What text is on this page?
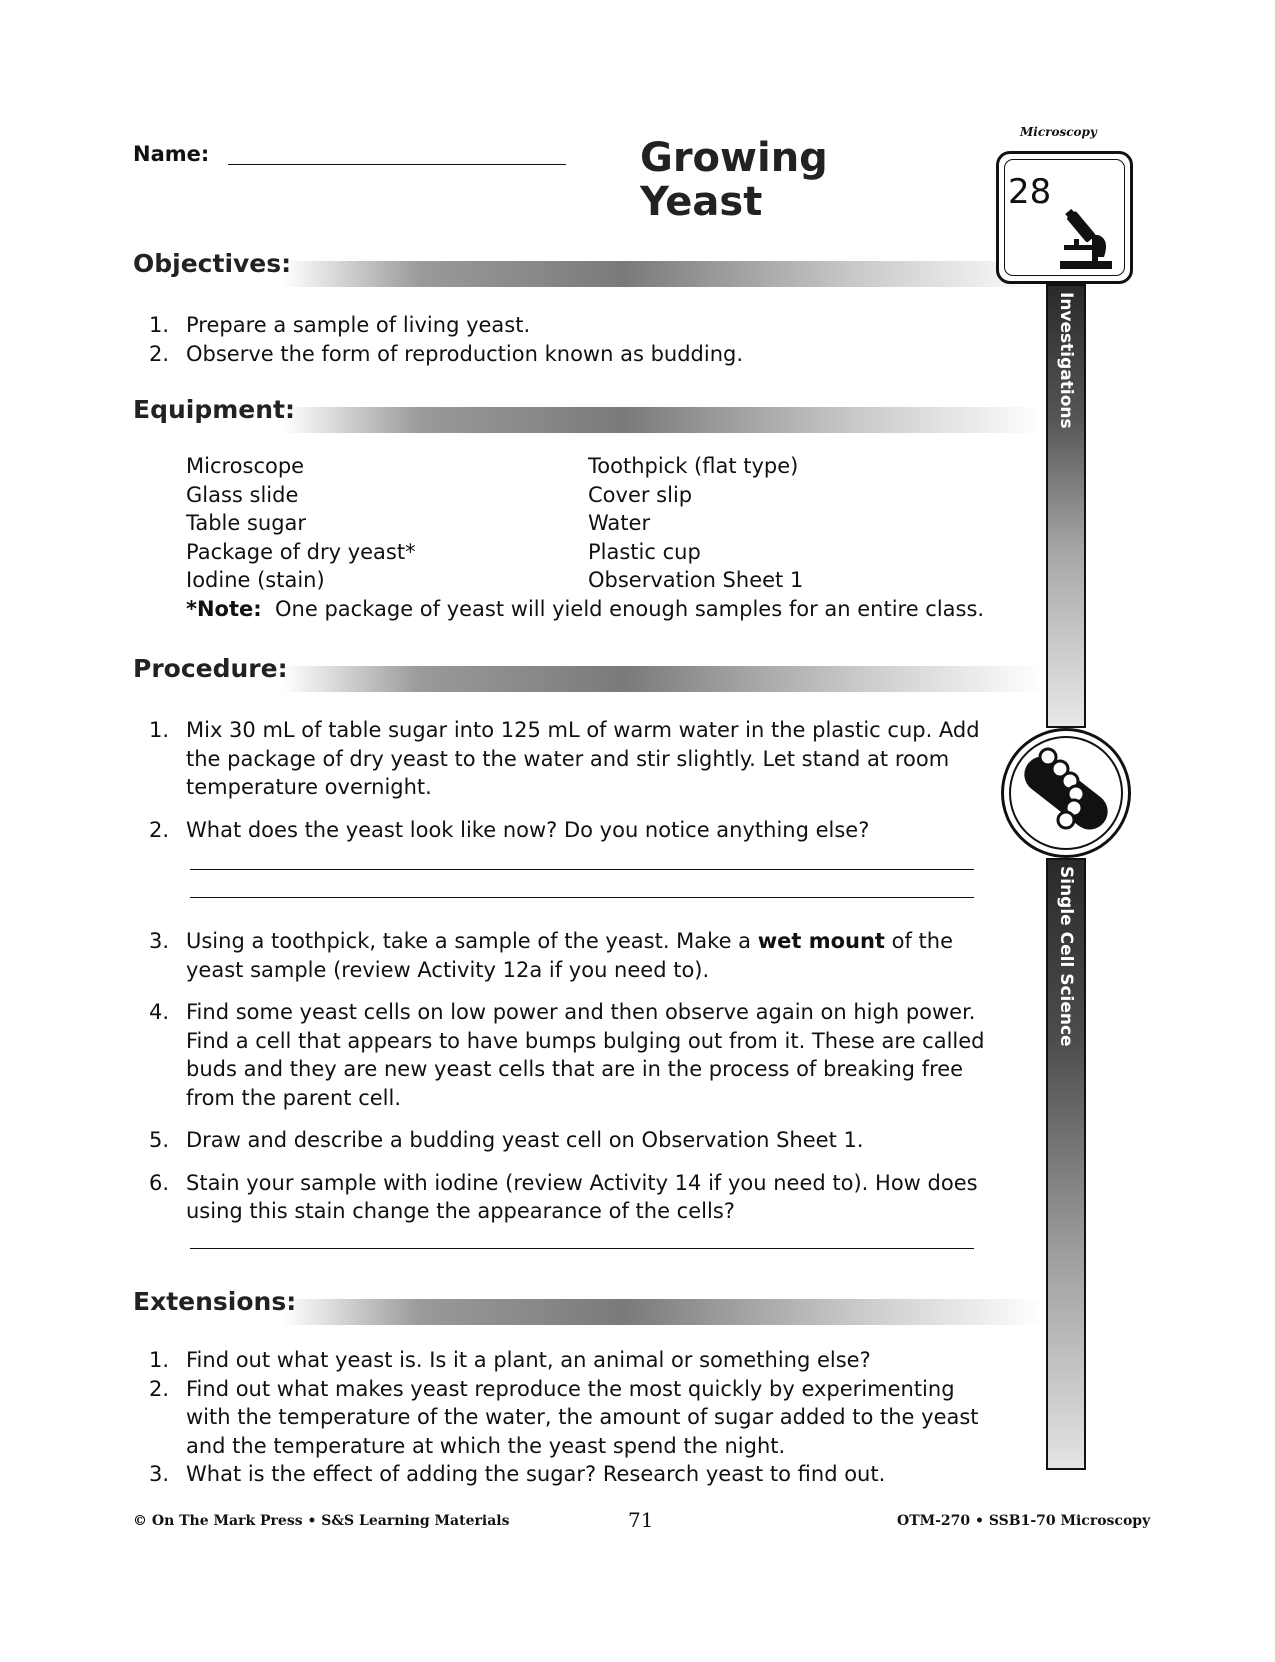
Name:	Growing
Yeast
Objectives:
1. Prepare a sample of living yeast.
2. Observe the form of reproduction known as budding.
Equipment:
Microscope	Toothpick (flat type)
Glass slide	Cover slip
Table sugar	Water
Package of dry yeast*	Plastic cup
Iodine (stain)	Observation Sheet 1
*Note: One package of yeast will yield enough samples for an entire class.
Procedure:
1. Mix 30 mL of table sugar into 125 mL of warm water in the plastic cup. Add the package of dry yeast to the water and stir slightly. Let stand at room temperature overnight.
2. What does the yeast look like now? Do you notice anything else?
3. Using a toothpick, take a sample of the yeast. Make a wet mount of the yeast sample (review Activity 12a if you need to).
4. Find some yeast cells on low power and then observe again on high power. Find a cell that appears to have bumps bulging out from it. These are called buds and they are new yeast cells that are in the process of breaking free from the parent cell.
5. Draw and describe a budding yeast cell on Observation Sheet 1.
6. Stain your sample with iodine (review Activity 14 if you need to). How does using this stain change the appearance of the cells?
Extensions:
1. Find out what yeast is. Is it a plant, an animal or something else?
2. Find out what makes yeast reproduce the most quickly by experimenting with the temperature of the water, the amount of sugar added to the yeast and the temperature at which the yeast spend the night.
3. What is the effect of adding the sugar? Research yeast to find out.
© On The Mark Press • S&S Learning Materials	71	OTM-270 • SSB1-70 Microscopy
Microscopy
28
Investigations
Single Cell Science
